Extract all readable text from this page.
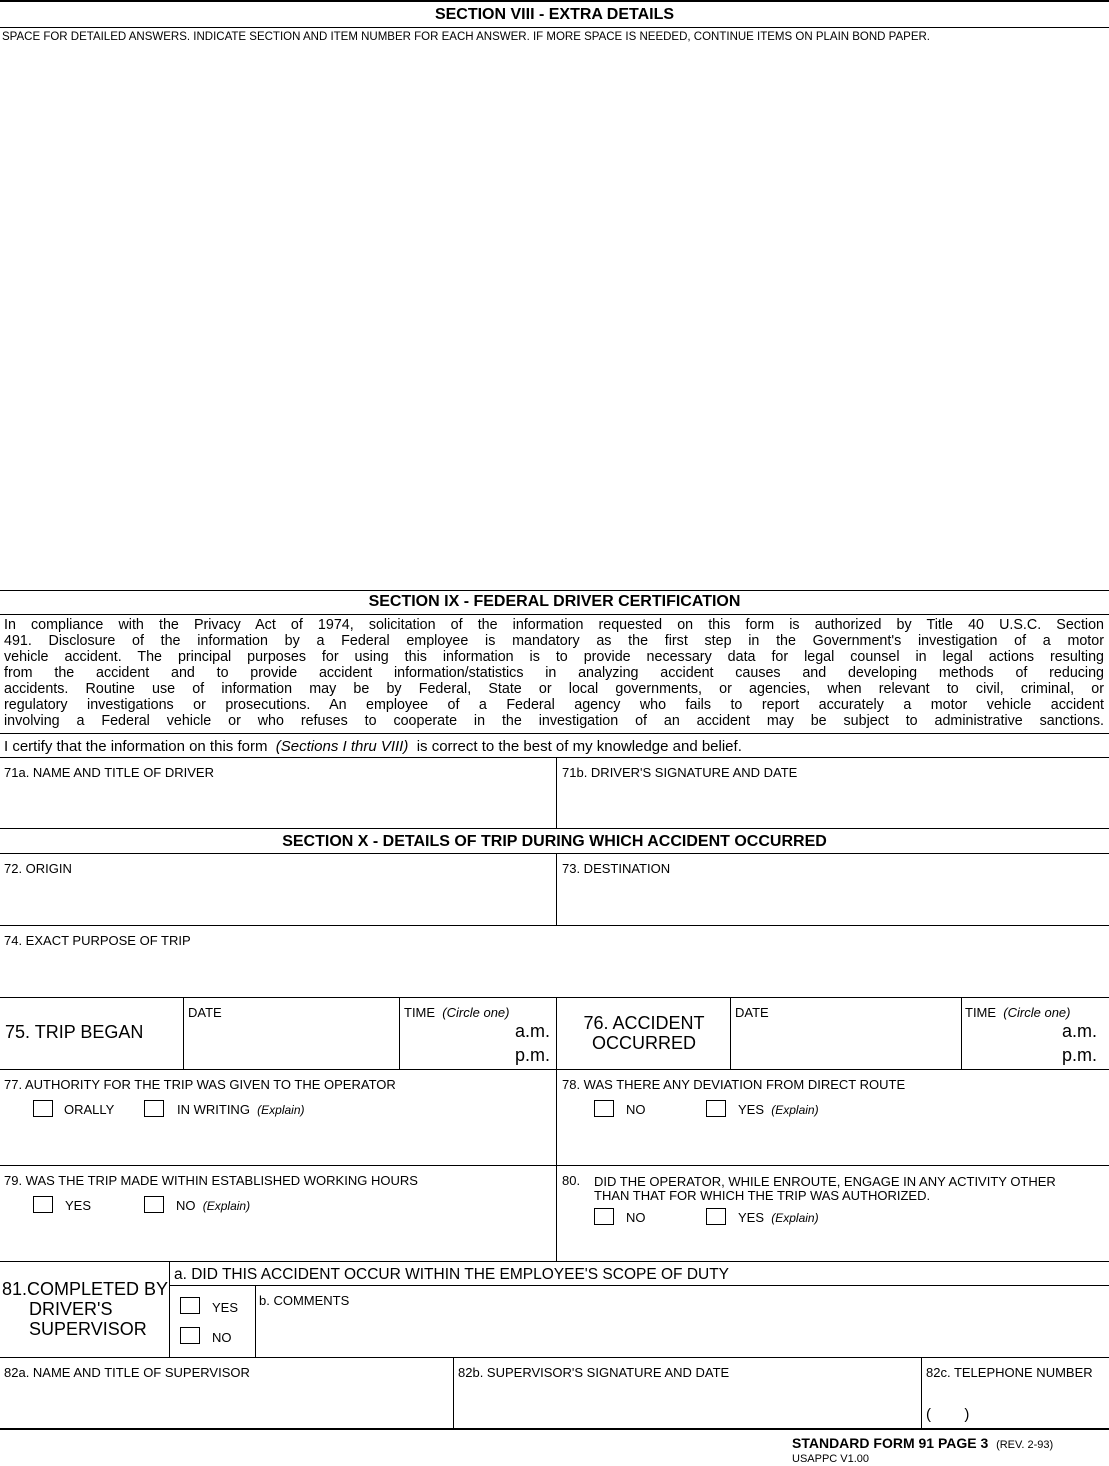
SECTION VIII - EXTRA DETAILS
SPACE FOR DETAILED ANSWERS. INDICATE SECTION AND ITEM NUMBER FOR EACH ANSWER. IF MORE SPACE IS NEEDED, CONTINUE ITEMS ON PLAIN BOND PAPER.
SECTION IX - FEDERAL DRIVER CERTIFICATION
In compliance with the Privacy Act of 1974, solicitation of the information requested on this form is authorized by Title 40 U.S.C. Section
491. Disclosure of the information by a Federal employee is mandatory as the first step in the Government's investigation of a motor
vehicle accident. The principal purposes for using this information is to provide necessary data for legal counsel in legal actions resulting
from the accident and to provide accident information/statistics in analyzing accident causes and developing methods of reducing
accidents. Routine use of information may be by Federal, State or local governments, or agencies, when relevant to civil, criminal, or
regulatory investigations or prosecutions. An employee of a Federal agency who fails to report accurately a motor vehicle accident
involving a Federal vehicle or who refuses to cooperate in the investigation of an accident may be subject to administrative sanctions.
I certify that the information on this form (Sections I thru VIII) is correct to the best of my knowledge and belief.
71a. NAME AND TITLE OF DRIVER	71b. DRIVER'S SIGNATURE AND DATE
SECTION X - DETAILS OF TRIP DURING WHICH ACCIDENT OCCURRED
72. ORIGIN	73. DESTINATION
74. EXACT PURPOSE OF TRIP
75. TRIP BEGAN
DATE	TIME (Circle one)
a.m.
p.m.
76. ACCIDENT
OCCURRED
DATE	TIME (Circle one)
a.m.
p.m.
77. AUTHORITY FOR THE TRIP WAS GIVEN TO THE OPERATOR
ORALLY	IN WRITING (Explain)
78. WAS THERE ANY DEVIATION FROM DIRECT ROUTE
NO	YES (Explain)
79. WAS THE TRIP MADE WITHIN ESTABLISHED WORKING HOURS
YES	NO (Explain)
80. DID THE OPERATOR, WHILE ENROUTE, ENGAGE IN ANY ACTIVITY OTHER
THAN THAT FOR WHICH THE TRIP WAS AUTHORIZED.
NO	YES (Explain)
81.COMPLETED BY
DRIVER'S
SUPERVISOR
a. DID THIS ACCIDENT OCCUR WITHIN THE EMPLOYEE'S SCOPE OF DUTY
YES
NO
b. COMMENTS
82a. NAME AND TITLE OF SUPERVISOR	82b. SUPERVISOR'S SIGNATURE AND DATE	82c. TELEPHONE NUMBER
(        )
STANDARD FORM 91 PAGE 3 (REV. 2-93)
USAPPC V1.00
